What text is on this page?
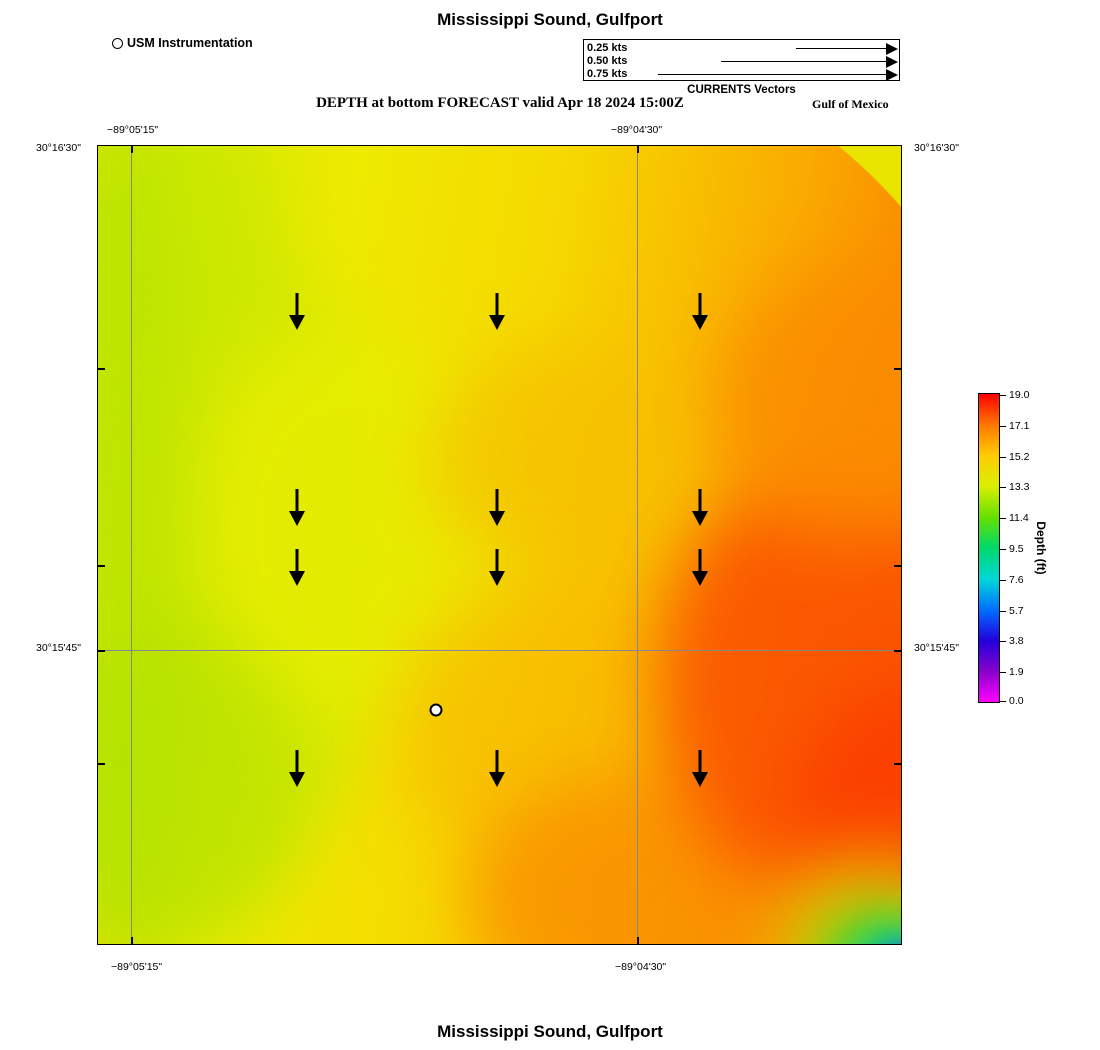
Mississippi Sound, Gulfport
USM Instrumentation	0.25 kts
0.50 kts
0.75 kts
CURRENTS Vectors
DEPTH at bottom FORECAST valid Apr 18 2024 15:00Z	Gulf of Mexico
30°16'30"
30°15'45"
30°16'30"
30°15'45"
−89°05'15"	−89°04'30"
−89°05'15"	−89°04'30"
19.0
17.1
15.2
13.3
11.4
9.5
7.6
5.7
3.8
1.9
0.0
Depth (ft)
Mississippi Sound, Gulfport
